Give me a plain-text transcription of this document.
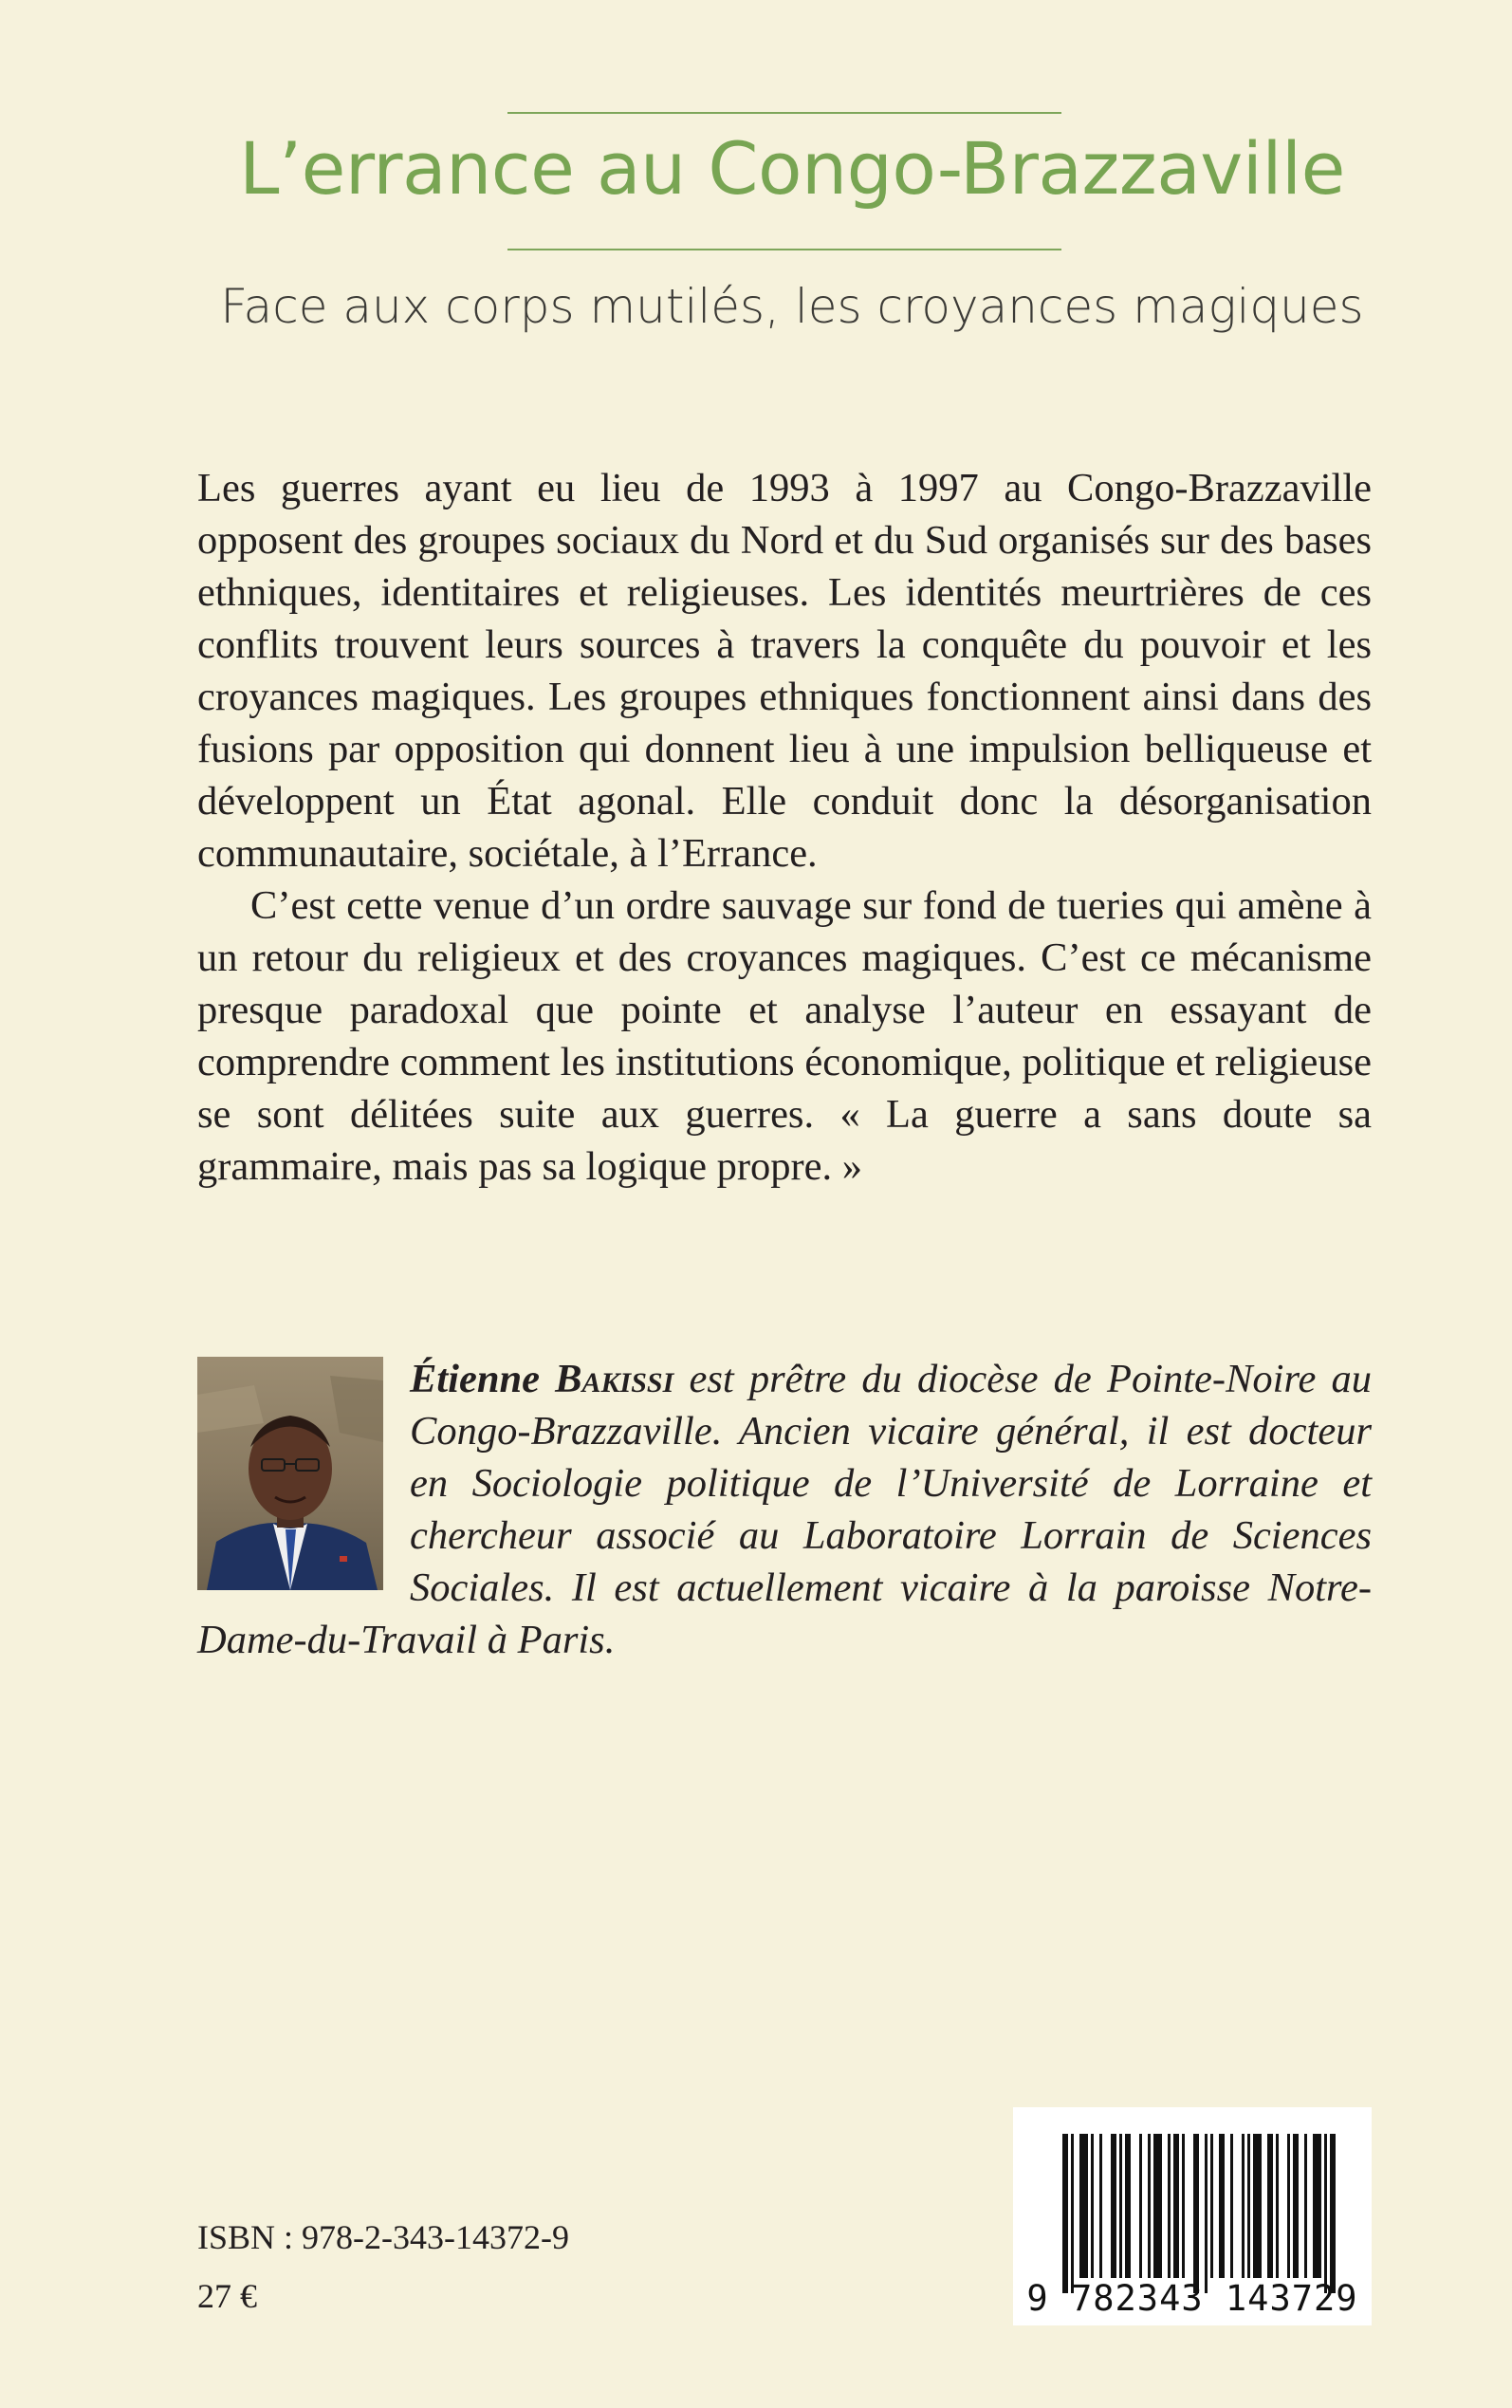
L’errance au Congo-Brazzaville
Face aux corps mutilés, les croyances magiques

Les guerres ayant eu lieu de 1993 à 1997 au Congo-Brazzaville opposent des groupes sociaux du Nord et du Sud organisés sur des bases ethniques, identitaires et religieuses. Les identités meurtrières de ces conflits trouvent leurs sources à travers la conquête du pouvoir et les croyances magiques. Les groupes ethniques fonctionnent ainsi dans des fusions par opposition qui donnent lieu à une impulsion belliqueuse et développent un État agonal. Elle conduit donc la désorganisation communautaire, sociétale, à l’Errance.

C’est cette venue d’un ordre sauvage sur fond de tueries qui amène à un retour du religieux et des croyances magiques. C’est ce mécanisme presque paradoxal que pointe et analyse l’auteur en essayant de comprendre comment les institutions économique, politique et religieuse se sont délitées suite aux guerres. « La guerre a sans doute sa grammaire, mais pas sa logique propre. »

Étienne Bakissi est prêtre du diocèse de Pointe-Noire au Congo-Brazzaville. Ancien vicaire général, il est docteur en Sociologie politique de l’Université de Lorraine et chercheur associé au Laboratoire Lorrain de Sciences Sociales. Il est actuellement vicaire à la paroisse Notre-Dame-du-Travail à Paris.
ISBN : 978-2-343-14372-9
27 €	9 782343 143729
